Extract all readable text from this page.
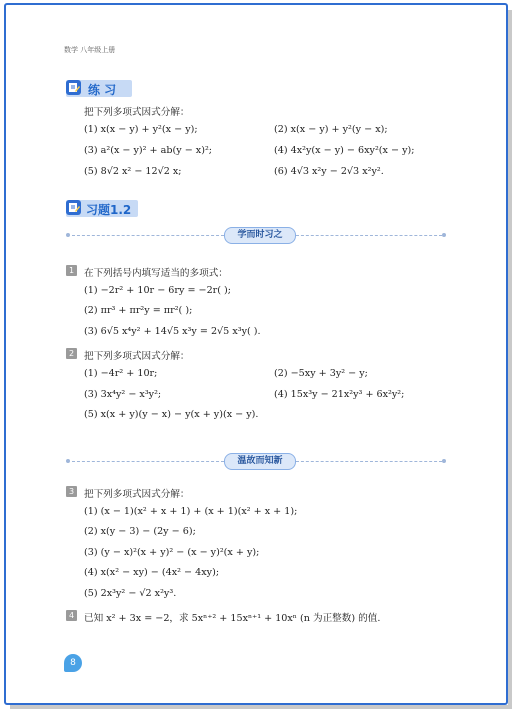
数学 八年级上册
练 习
把下列多项式因式分解：
(1) x(x − y) + y²(x − y);	(2) x(x − y) + y²(y − x);
(3) a²(x − y)² + ab(y − x)²;	(4) 4x²y(x − y) − 6xy²(x − y);
(5) 8√2 x² − 12√2 x;	(6) 4√3 x²y − 2√3 x²y².
习题1.2
学而时习之
1	在下列括号内填写适当的多项式：
(1) −2r² + 10r − 6ry = −2r( );
(2) πr³ + πr²y = πr²( );
(3) 6√5 x⁴y² + 14√5 x³y = 2√5 x³y( ).
2	把下列多项式因式分解：
(1) −4r² + 10r;	(2) −5xy + 3y² − y;
(3) 3x⁴y² − x³y²;	(4) 15x³y − 21x²y³ + 6x²y²;
(5) x(x + y)(y − x) − y(x + y)(x − y).
温故而知新
3	把下列多项式因式分解：
(1) (x − 1)(x² + x + 1) + (x + 1)(x² + x + 1);
(2) x(y − 3) − (2y − 6);
(3) (y − x)²(x + y)² − (x − y)²(x + y);
(4) x(x² − xy) − (4x² − 4xy);
(5) 2x³y² − √2 x²y³.
4	已知 x² + 3x = −2，求 5xⁿ⁺² + 15xⁿ⁺¹ + 10xⁿ (n 为正整数) 的值.
8
